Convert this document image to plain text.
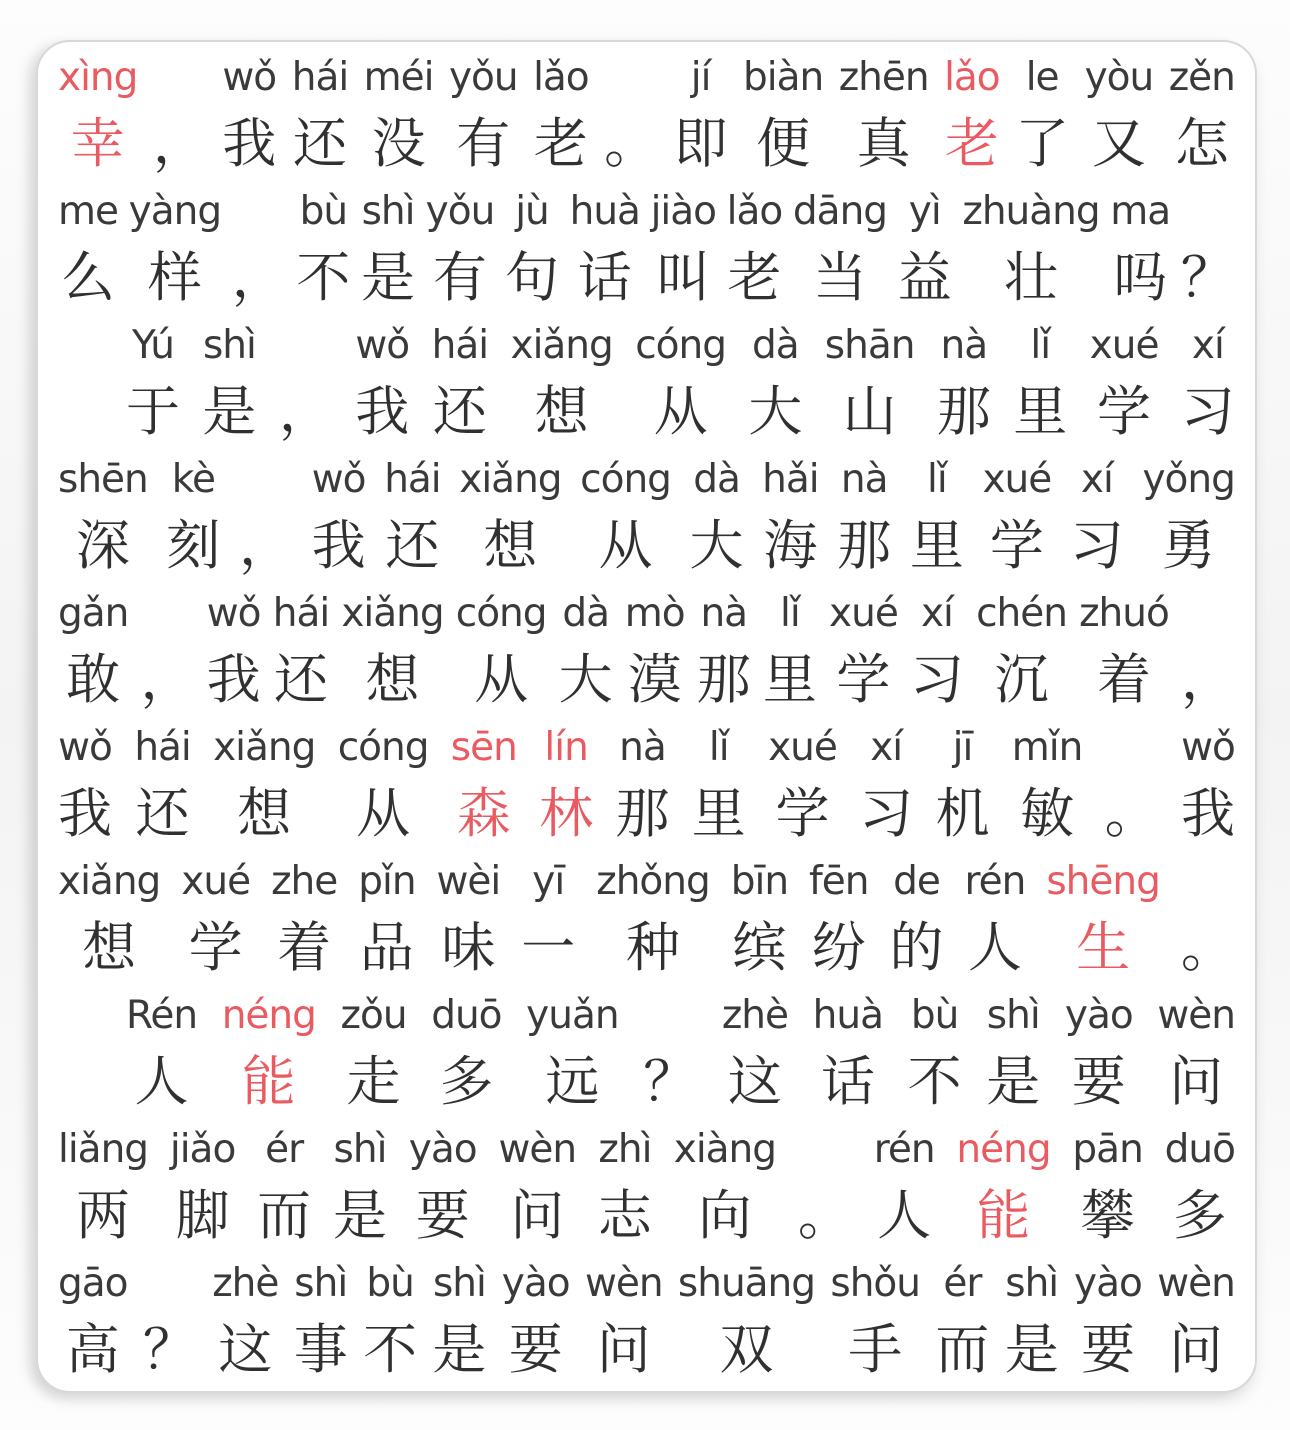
xìng
幸
，
wǒ
我
hái
还
méi
没
yǒu
有
lǎo
老
。
jí
即
biàn
便
zhēn
真
lǎo
老
le
了
yòu
又
zěn
怎
me
么
yàng
样
，
bù
不
shì
是
yǒu
有
jù
句
huà
话
jiào
叫
lǎo
老
dāng
当
yì
益
zhuàng
壮
ma
吗
？
Yú
于
shì
是
，
wǒ
我
hái
还
xiǎng
想
cóng
从
dà
大
shān
山
nà
那
lǐ
里
xué
学
xí
习
shēn
深
kè
刻
，
wǒ
我
hái
还
xiǎng
想
cóng
从
dà
大
hǎi
海
nà
那
lǐ
里
xué
学
xí
习
yǒng
勇
gǎn
敢
，
wǒ
我
hái
还
xiǎng
想
cóng
从
dà
大
mò
漠
nà
那
lǐ
里
xué
学
xí
习
chén
沉
zhuó
着
，
wǒ
我
hái
还
xiǎng
想
cóng
从
sēn
森
lín
林
nà
那
lǐ
里
xué
学
xí
习
jī
机
mǐn
敏
。
wǒ
我
xiǎng
想
xué
学
zhe
着
pǐn
品
wèi
味
yī
一
zhǒng
种
bīn
缤
fēn
纷
de
的
rén
人
shēng
生
。
Rén
人
néng
能
zǒu
走
duō
多
yuǎn
远
？
zhè
这
huà
话
bù
不
shì
是
yào
要
wèn
问
liǎng
两
jiǎo
脚
ér
而
shì
是
yào
要
wèn
问
zhì
志
xiàng
向
。
rén
人
néng
能
pān
攀
duō
多
gāo
高
？
zhè
这
shì
事
bù
不
shì
是
yào
要
wèn
问
shuāng
双
shǒu
手
ér
而
shì
是
yào
要
wèn
问
